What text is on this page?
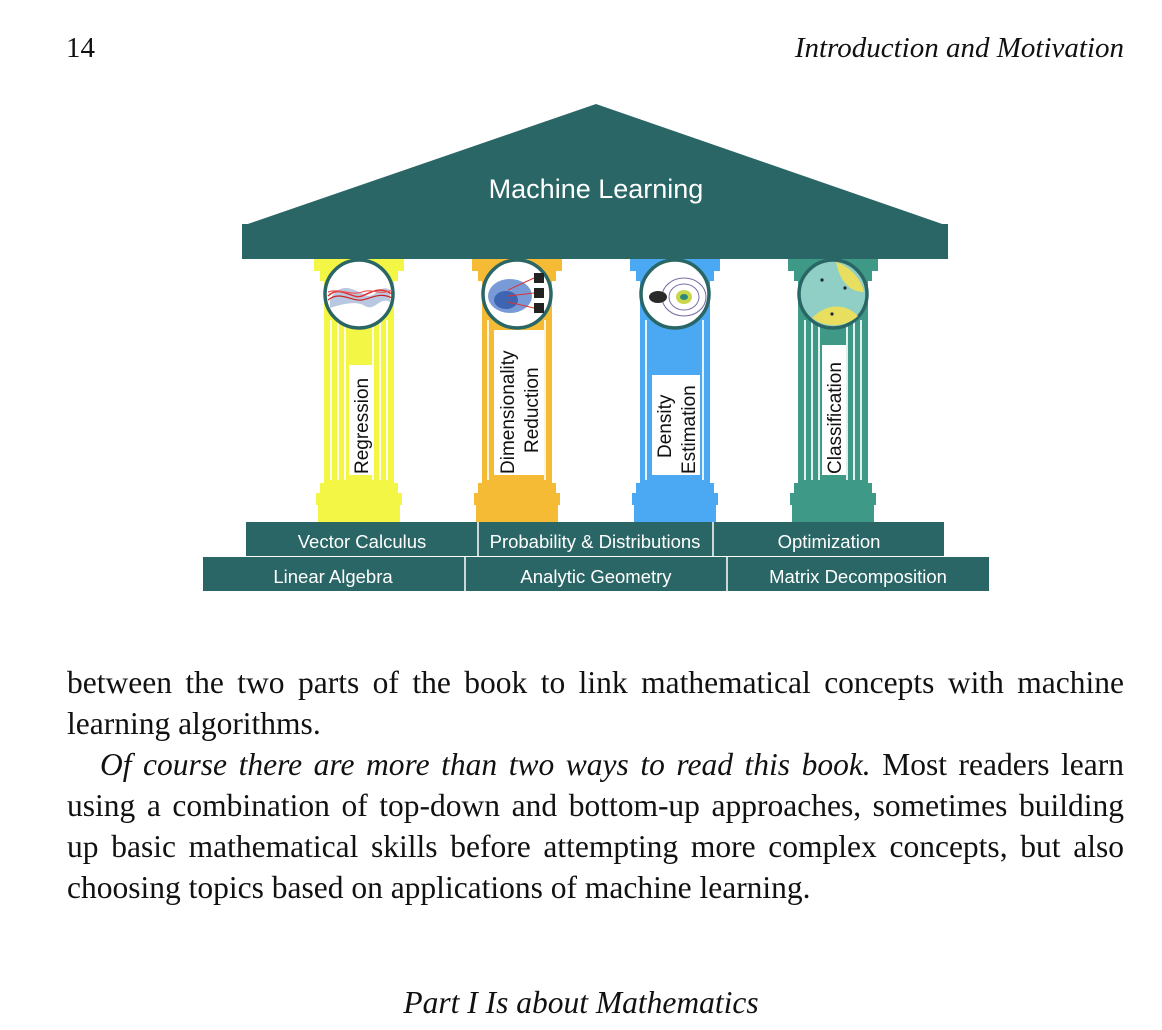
14	Introduction and Motivation
Machine Learning
Regression	Dimensionality Reduction	Density Estimation	Classification
Vector Calculus	Probability & Distributions	Optimization
Linear Algebra	Analytic Geometry	Matrix Decomposition

between the two parts of the book to link mathematical concepts with machine learning algorithms.

Of course there are more than two ways to read this book. Most readers learn using a combination of top-down and bottom-up approaches, sometimes building up basic mathematical skills before attempting more complex concepts, but also choosing topics based on applications of machine learning.

Part I Is about Mathematics
